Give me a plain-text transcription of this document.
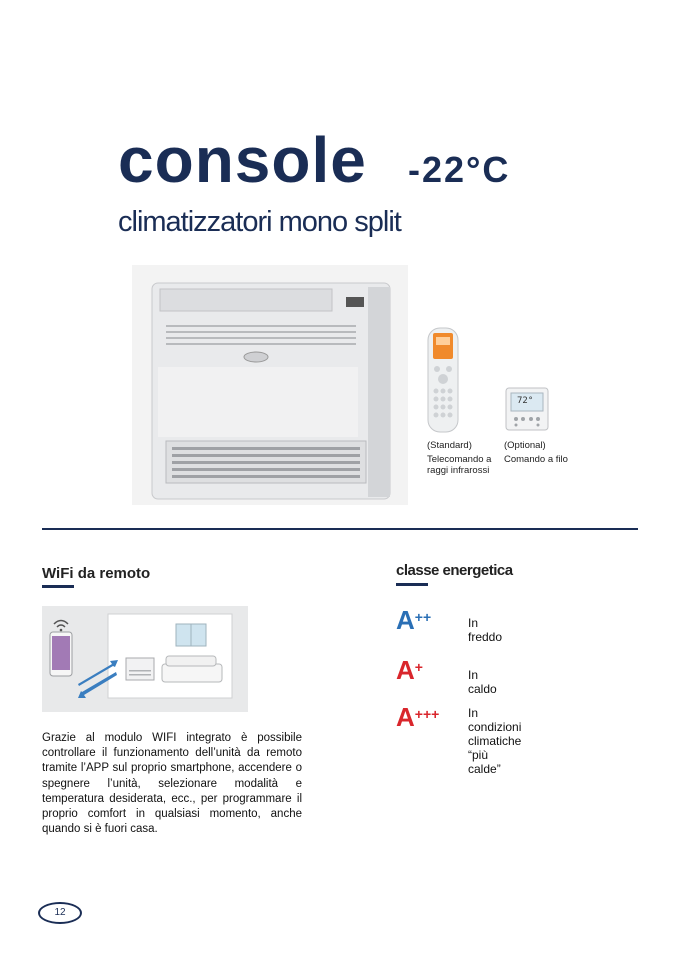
console -22°C
climatizzatori mono split
72°
(Standard)
Telecomando a
raggi infrarossi
(Optional)
Comando a filo
WiFi da remoto
Grazie al modulo WIFI integrato è possibile controllare il funzionamento dell’unità da remoto tramite l’APP sul proprio smartphone, accendere o spegnere l’unità, selezionare modalità e temperatura desiderata, ecc., per programmare il proprio comfort in qualsiasi momento, anche quando si è fuori casa.
classe energetica
A++	In freddo
A+	In caldo
A+++ In condizioni climatiche
“più calde”
12
